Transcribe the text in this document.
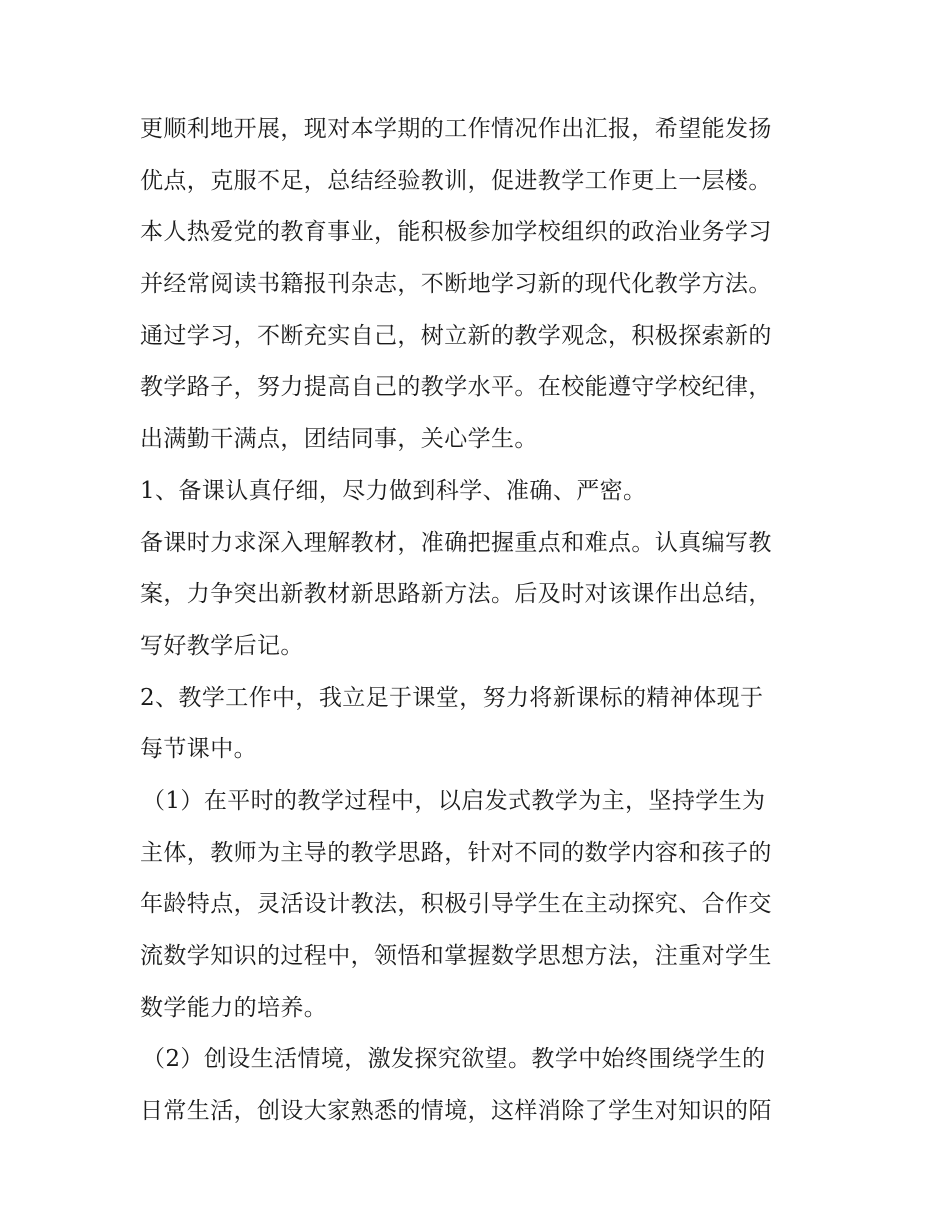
更顺利地开展，现对本学期的工作情况作出汇报，希望能发扬
优点，克服不足，总结经验教训，促进教学工作更上一层楼。
本人热爱党的教育事业，能积极参加学校组织的政治业务学习
并经常阅读书籍报刊杂志，不断地学习新的现代化教学方法。
通过学习，不断充实自己，树立新的教学观念，积极探索新的
教学路子，努力提高自己的教学水平。在校能遵守学校纪律，
出满勤干满点，团结同事，关心学生。
1、备课认真仔细，尽力做到科学、准确、严密。
备课时力求深入理解教材，准确把握重点和难点。认真编写教
案，力争突出新教材新思路新方法。后及时对该课作出总结，
写好教学后记。
2、教学工作中，我立足于课堂，努力将新课标的精神体现于
每节课中。
（1）在平时的教学过程中，以启发式教学为主，坚持学生为
主体，教师为主导的教学思路，针对不同的数学内容和孩子的
年龄特点，灵活设计教法，积极引导学生在主动探究、合作交
流数学知识的过程中，领悟和掌握数学思想方法，注重对学生
数学能力的培养。
（2）创设生活情境，激发探究欲望。教学中始终围绕学生的
日常生活，创设大家熟悉的情境，这样消除了学生对知识的陌
